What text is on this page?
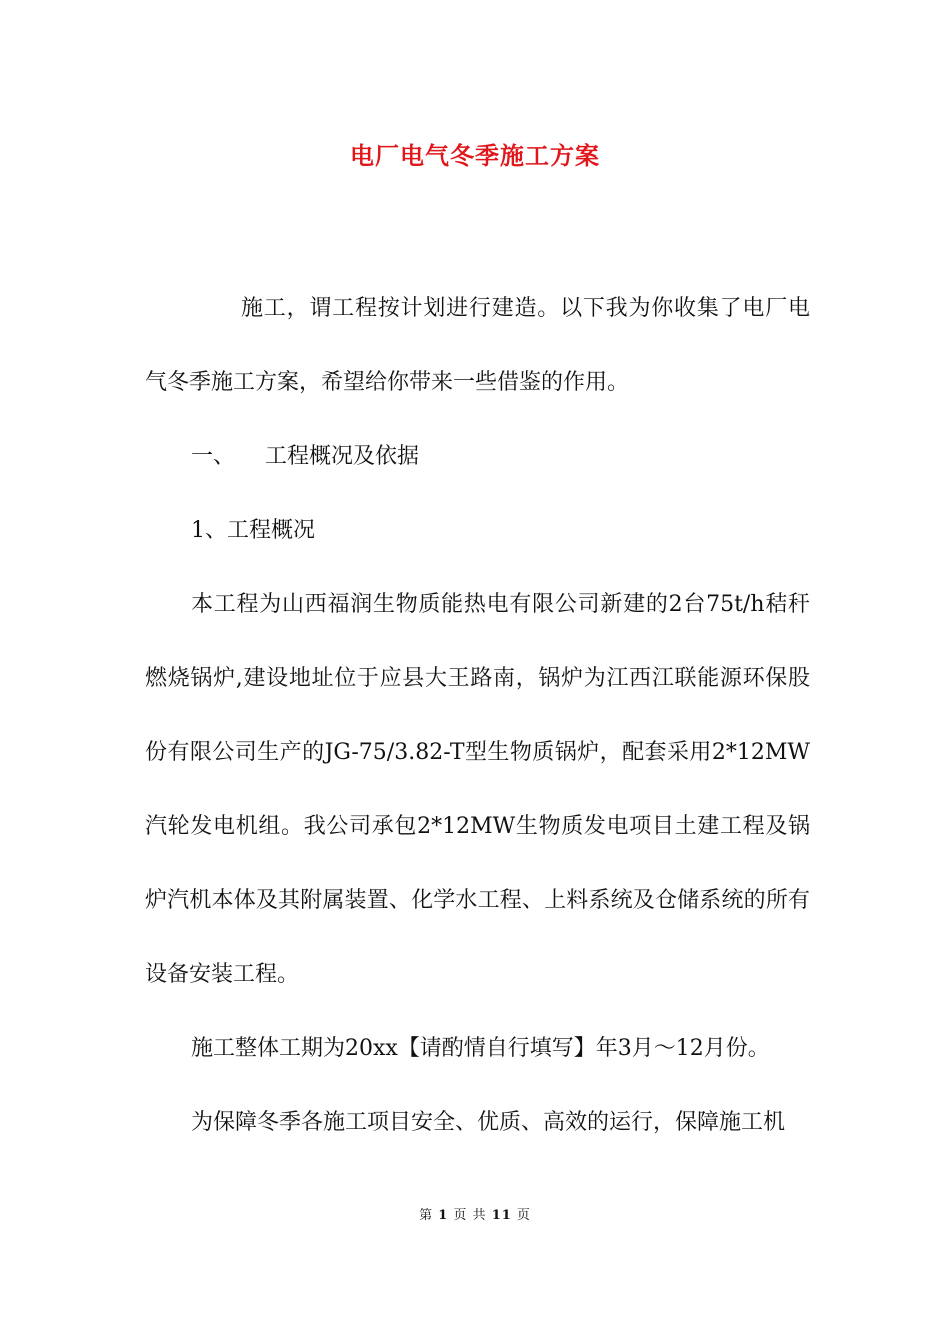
电厂电气冬季施工方案

施工，谓工程按计划进行建造。以下我为你收集了电厂电气冬季施工方案，希望给你带来一些借鉴的作用。

一、 工程概况及依据

1、工程概况

本工程为山西福润生物质能热电有限公司新建的2台75t/h秸秆燃烧锅炉,建设地址位于应县大王路南，锅炉为江西江联能源环保股份有限公司生产的JG-75/3.82-T型生物质锅炉，配套采用2*12MW汽轮发电机组。我公司承包2*12MW生物质发电项目土建工程及锅炉汽机本体及其附属装置、化学水工程、上料系统及仓储系统的所有设备安装工程。

施工整体工期为20xx【请酌情自行填写】年3月～12月份。

为保障冬季各施工项目安全、优质、高效的运行，保障施工机

第 1 页 共 11 页
